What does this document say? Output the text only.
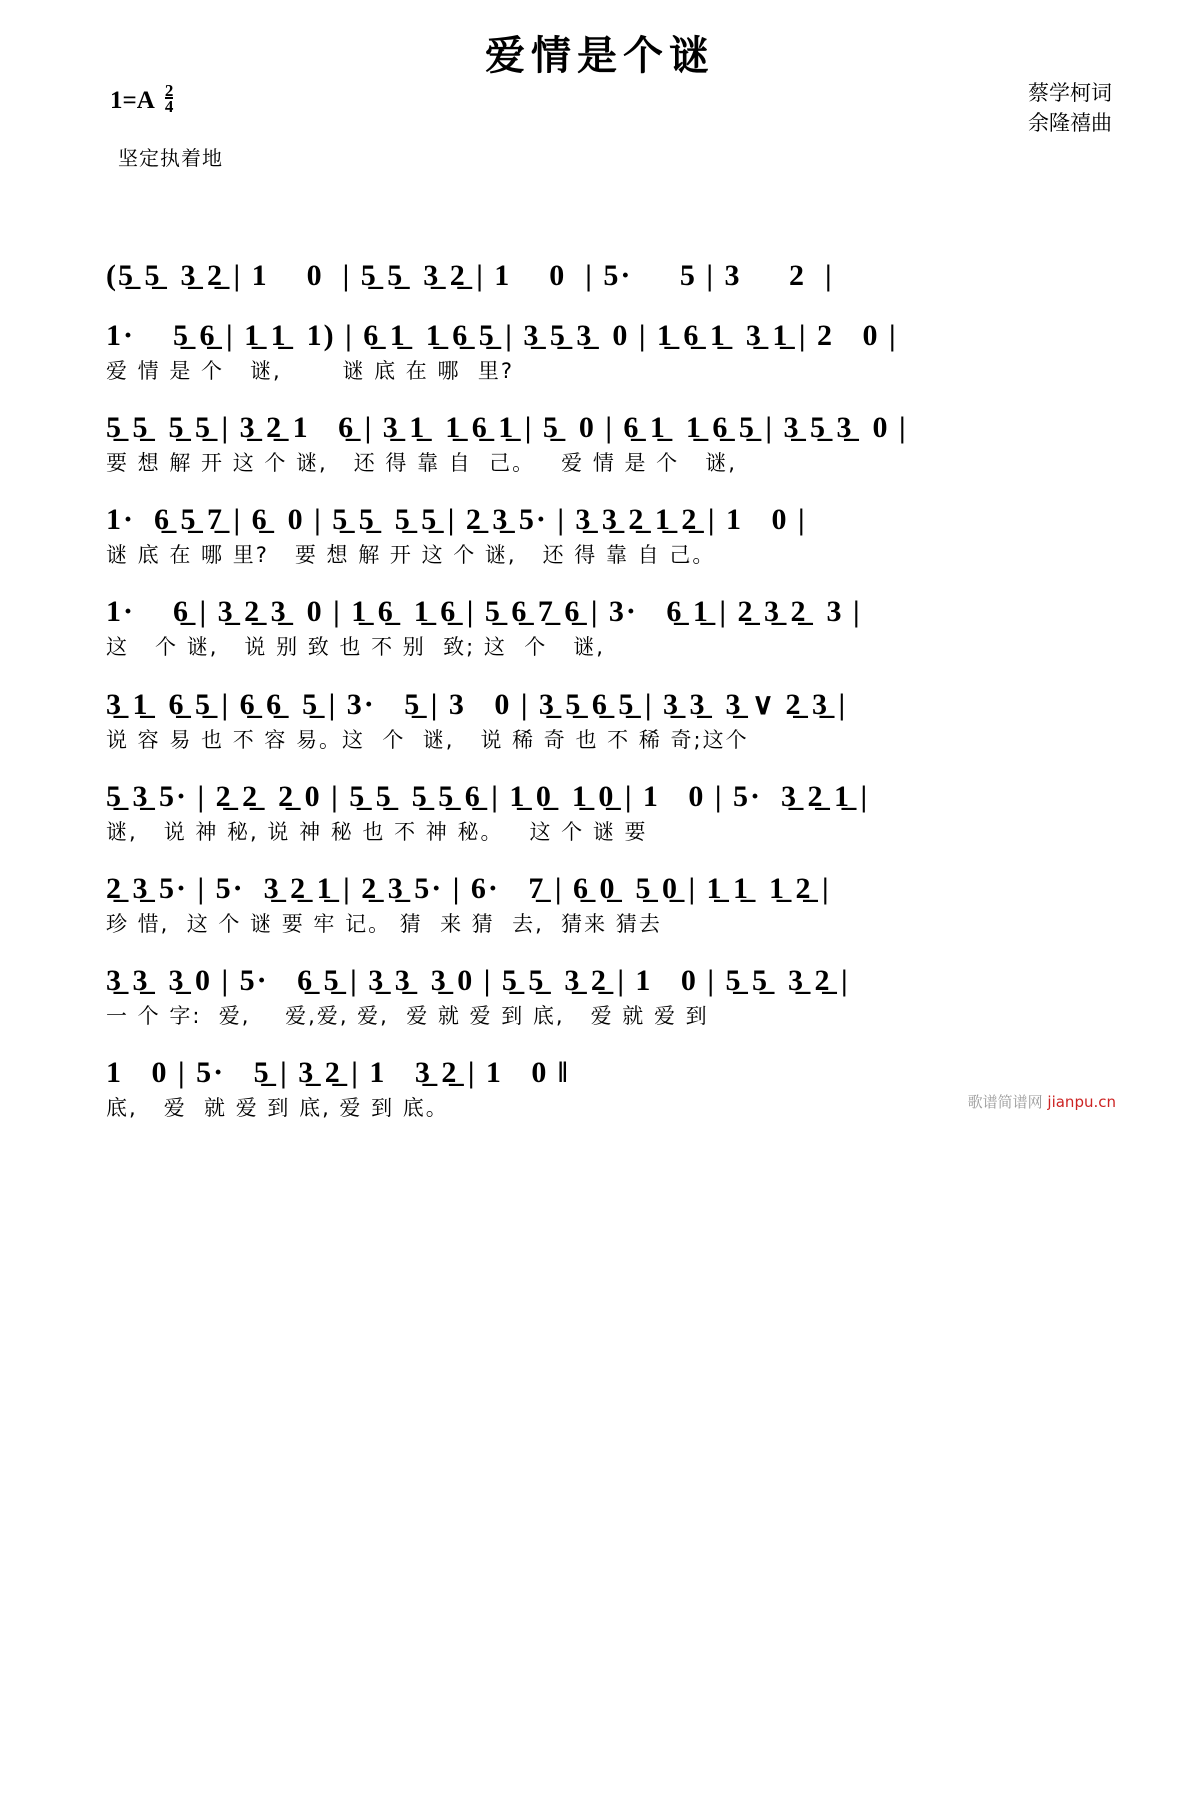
爱情是个谜
蔡学柯词
余隆禧曲
$1=A \frac{2}{4}$
坚定执着地
(5̲ 5̲  3̲ 2̲ | 1    0  | 5̲ 5̲  3̲ 2̲ | 1    0  | 5·     5 | 3     2  |
1·    5̲ 6̲ | 1̲ 1̲  1) | 6̲ 1̲  1̲ 6̲ 5̲ | 3̲ 5̲ 3̲  0 | 1̲ 6̲ 1̲  3̲ 1̲ | 2   0 |
爱 情 是 个   谜,       谜 底 在 哪  里?
5̲ 5̲  5̲ 5̲ | 3̲ 2̲ 1   6̲ | 3̲ 1̲  1̲ 6̲ 1̲ | 5̲  0 | 6̲ 1̲  1̲ 6̲ 5̲ | 3̲ 5̲ 3̲  0 |
要 想 解 开 这 个 谜,   还 得 靠 自  己。   爱 情 是 个   谜,
1·  6̲ 5̲ 7̲ | 6̲  0 | 5̲ 5̲  5̲ 5̲ | 2̲ 3̲ 5· | 3̲ 3̲ 2̲ 1̲ 2̲ | 1   0 |
谜 底 在 哪 里?   要 想 解 开 这 个 谜,   还 得 靠 自 己。
1·    6̲ | 3̲ 2̲ 3̲  0 | 1̲ 6̲  1̲ 6̲ | 5̲ 6̲ 7̲ 6̲ | 3·   6̲ 1̲ | 2̲ 3̲ 2̲  3 |
这   个 谜,   说 别 致 也 不 别  致; 这  个   谜,
3̲ 1̲  6̲ 5̲ | 6̲ 6̲  5̲ | 3·   5̲ | 3   0 | 3̲ 5̲ 6̲ 5̲ | 3̲ 3̲  3̲ ∨ 2̲ 3̲ |
说 容 易 也 不 容 易。这  个  谜,   说 稀 奇 也 不 稀 奇;这个
5̲ 3̲ 5· | 2̲ 2̲  2̲ 0 | 5̲ 5̲  5̲ 5̲ 6̲ | 1̲ 0̲  1̲ 0̲ | 1   0 | 5·  3̲ 2̲ 1̲ |
谜,   说 神 秘, 说 神 秘 也 不 神 秘。   这 个 谜 要
2̲ 3̲ 5· | 5·  3̲ 2̲ 1̲ | 2̲ 3̲ 5· | 6·   7̲ | 6̲ 0̲  5̲ 0̲ | 1̲ 1̲  1̲ 2̲ |
珍 惜,  这 个 谜 要 牢 记。 猜  来 猜  去,  猜来 猜去
3̲ 3̲  3̲ 0 | 5·   6̲ 5̲ | 3̲ 3̲  3̲ 0 | 5̲ 5̲  3̲ 2̲ | 1   0 | 5̲ 5̲  3̲ 2̲ |
一 个 字:  爱,    爱,爱, 爱,  爱 就 爱 到 底,   爱 就 爱 到
1   0 | 5·   5̲ | 3̲ 2̲ | 1   3̲ 2̲ | 1   0 ‖
底,   爱  就 爱 到 底, 爱 到 底。	歌谱简谱网 jianpu.cn
